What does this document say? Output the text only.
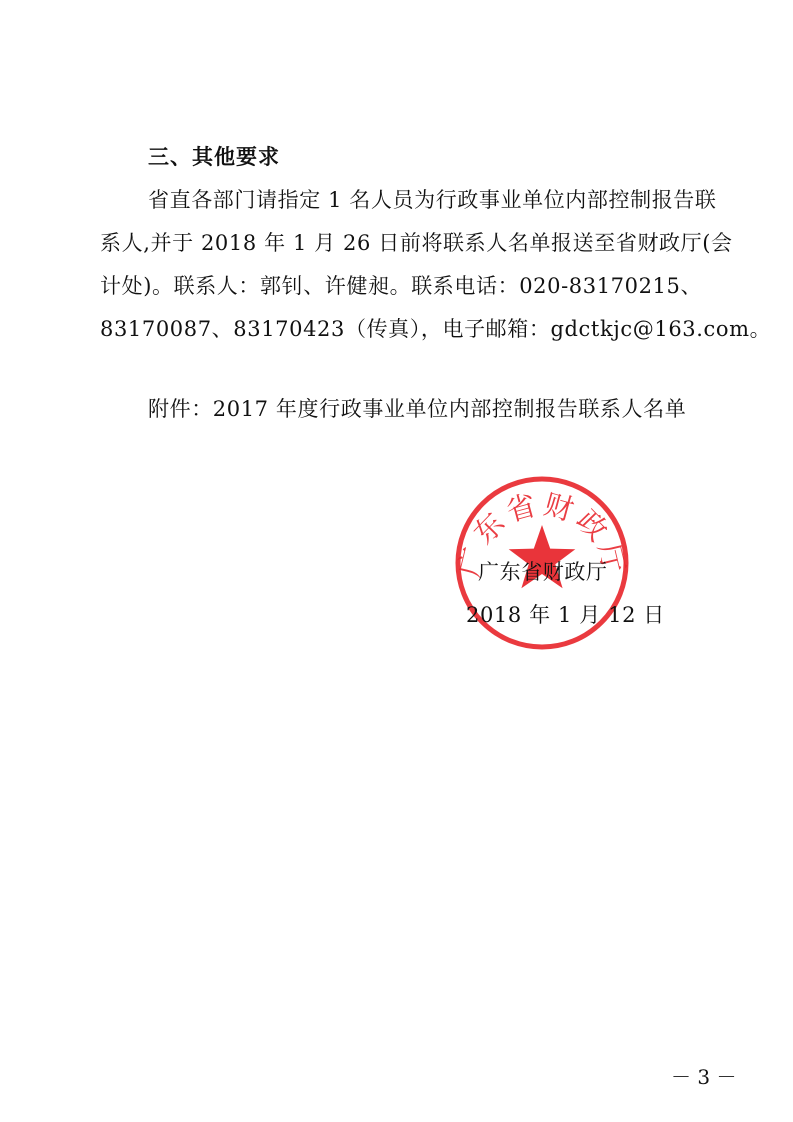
三、其他要求
省直各部门请指定 1 名人员为行政事业单位内部控制报告联
系人,并于 2018 年 1 月 26 日前将联系人名单报送至省财政厅(会
计处)。联系人：郭钊、许健昶。联系电话：020-83170215、
83170087、83170423（传真），电子邮箱：gdctkjc@163.com。
附件：2017 年度行政事业单位内部控制报告联系人名单
广东省财政厅
广东省财政厅
2018 年 1 月 12 日
－ 3 －
